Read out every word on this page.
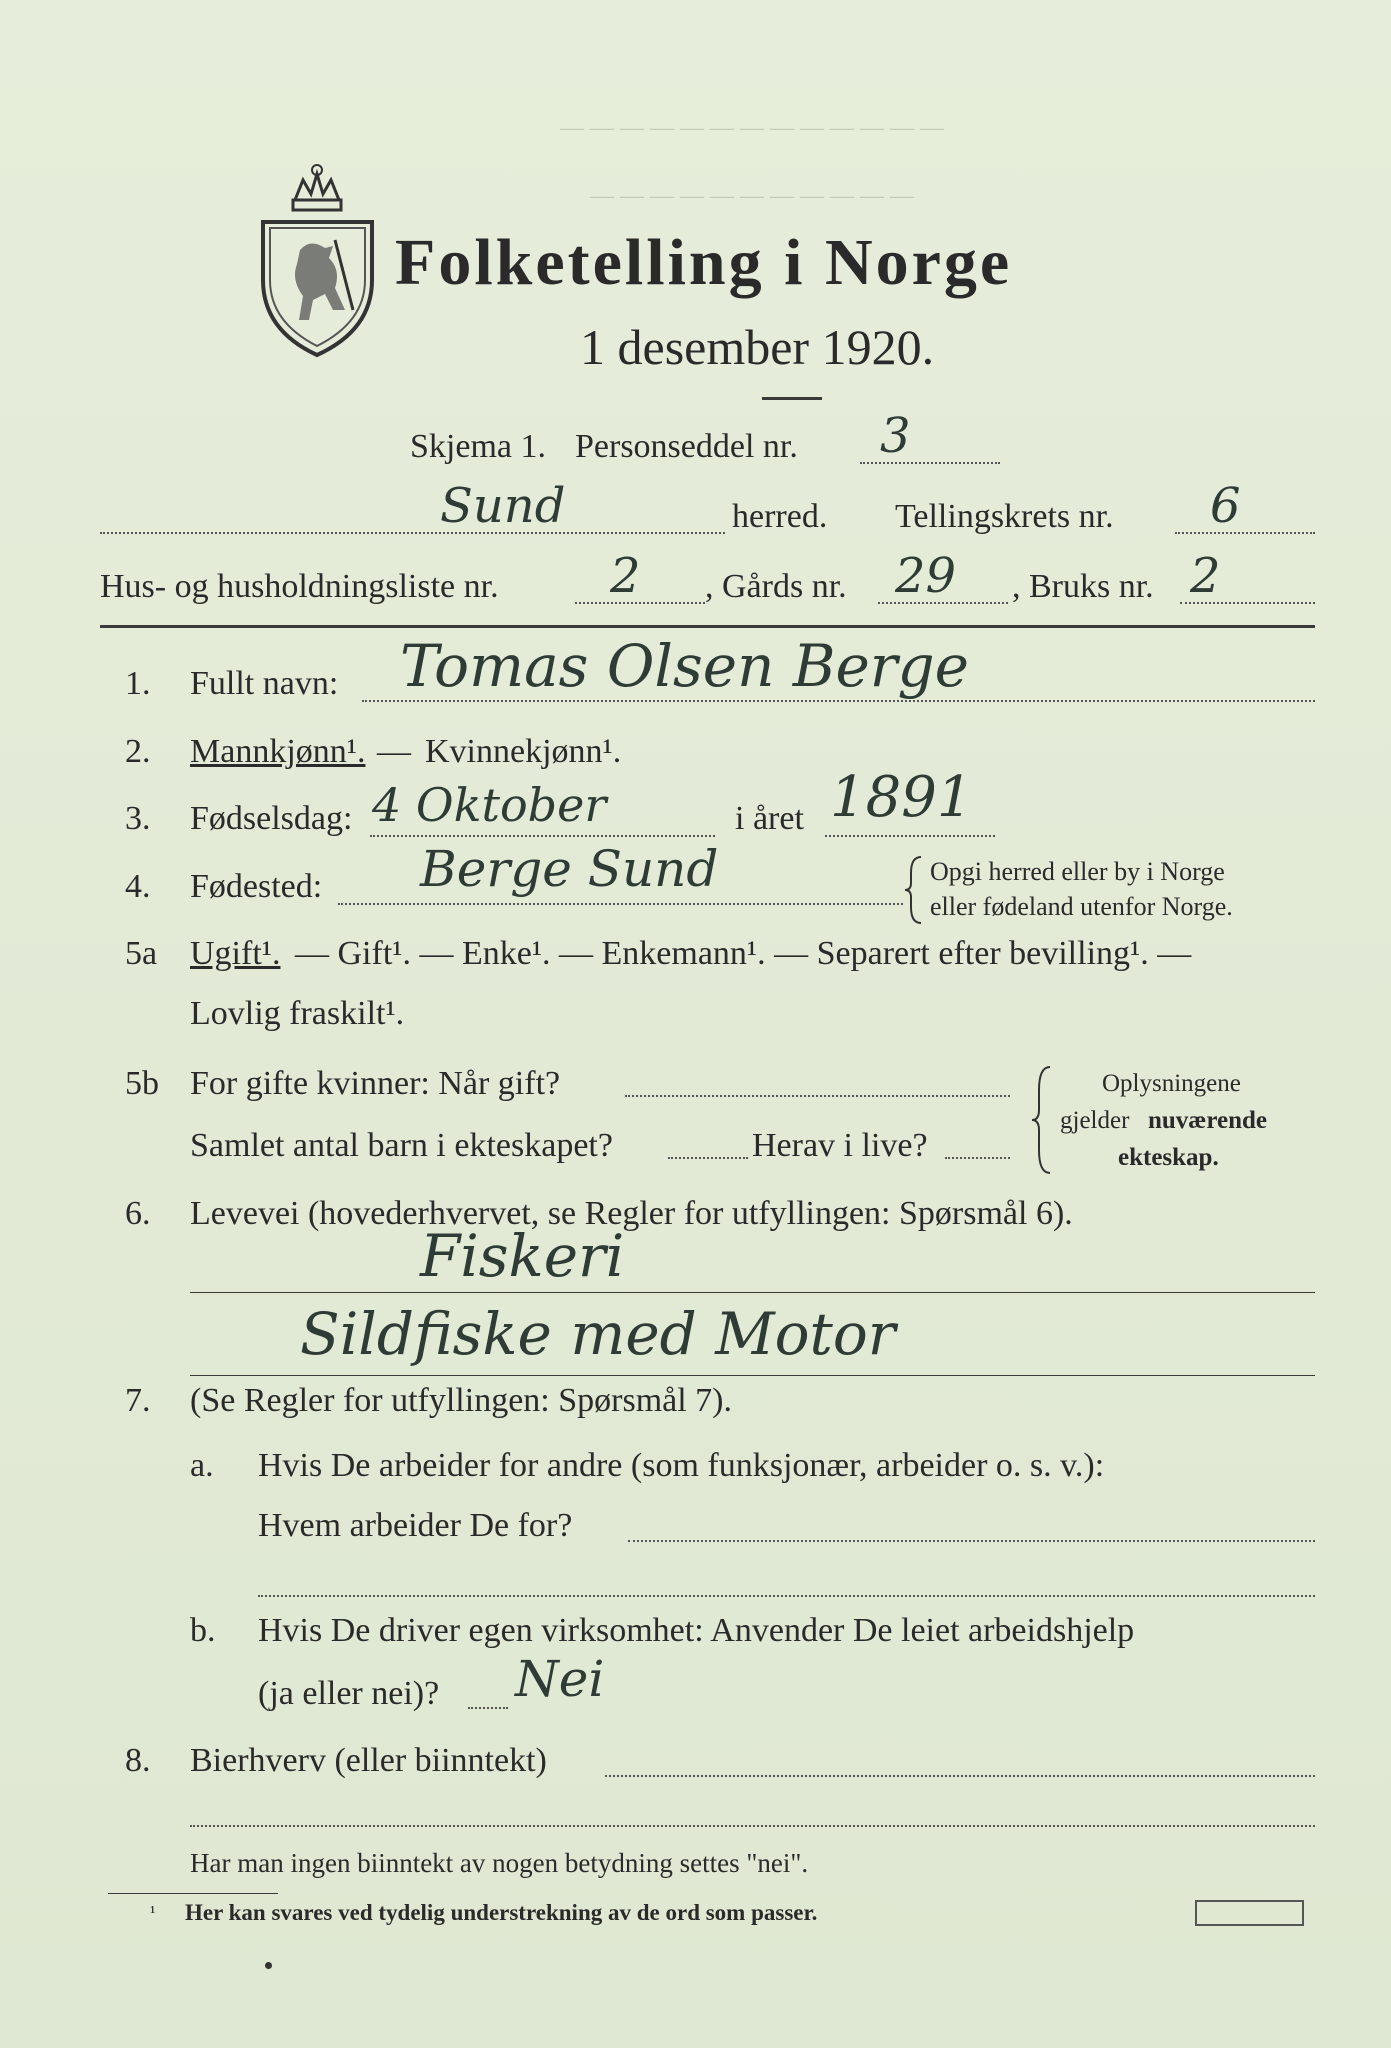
— — — — — — — — — — — — —
— — — — — — — — — — —
Folketelling i Norge
1 desember 1920.
Skjema 1. Personseddel nr. 3
Sund	herred. Tellingskrets nr. 6
Hus- og husholdningsliste nr. 2 , Gårds nr. 29 , Bruks nr. 2
1. Fullt navn: Tomas Olsen Berge
2. Mannkjønn¹. — Kvinnekjønn¹.
3. Fødselsdag: 4 Oktober	i året 1891
4. Fødested: Berge Sund	Opgi herred eller by i Norge
eller fødeland utenfor Norge.
5a Ugift¹. — Gift¹. — Enke¹. — Enkemann¹. — Separert efter bevilling¹. —
Lovlig fraskilt¹.
5b For gifte kvinner: Når gift?
Samlet antal barn i ekteskapet?	Herav i live?
Oplysningene
gjelder nuværende
ekteskap.
6. Levevei (hovederhvervet, se Regler for utfyllingen: Spørsmål 6).
Fiskeri
Sildfiske med Motor
7. (Se Regler for utfyllingen: Spørsmål 7).
a. Hvis De arbeider for andre (som funksjonær, arbeider o. s. v.):
Hvem arbeider De for?
b. Hvis De driver egen virksomhet: Anvender De leiet arbeidshjelp
(ja eller nei)? Nei
8. Bierhverv (eller biinntekt)
Har man ingen biinntekt av nogen betydning settes "nei".
¹ Her kan svares ved tydelig understrekning av de ord som passer.
